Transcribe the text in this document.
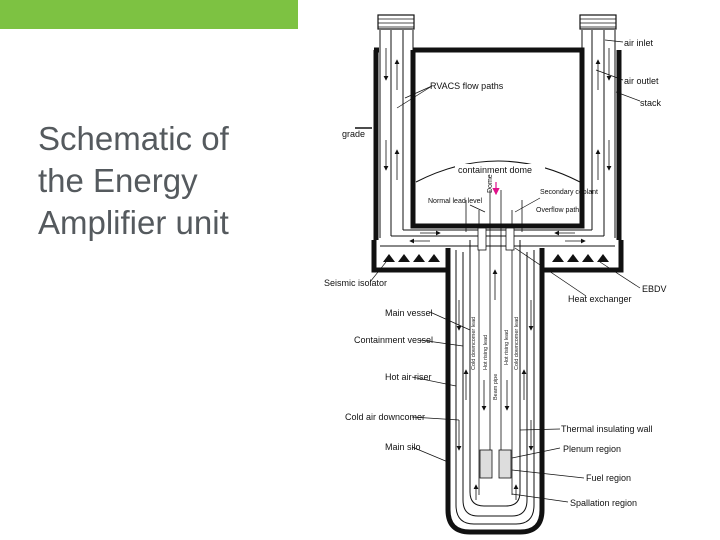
Schematic of
the Energy
Amplifier unit
air inlet
air outlet
stack
RVACS flow paths
grade
containment dome
Dome
Normal lead level
Secondary coolant
Overflow path
Seismic isolator
EBDV
Heat exchanger
Main vessel
Containment vessel
Hot air riser
Cold air downcomer
Main silo
Thermal insulating wall
Plenum region
Fuel region
Spallation region
Cold downcomer lead Hot rising lead
Beam pipe
Hot rising lead Cold downcomer lead
